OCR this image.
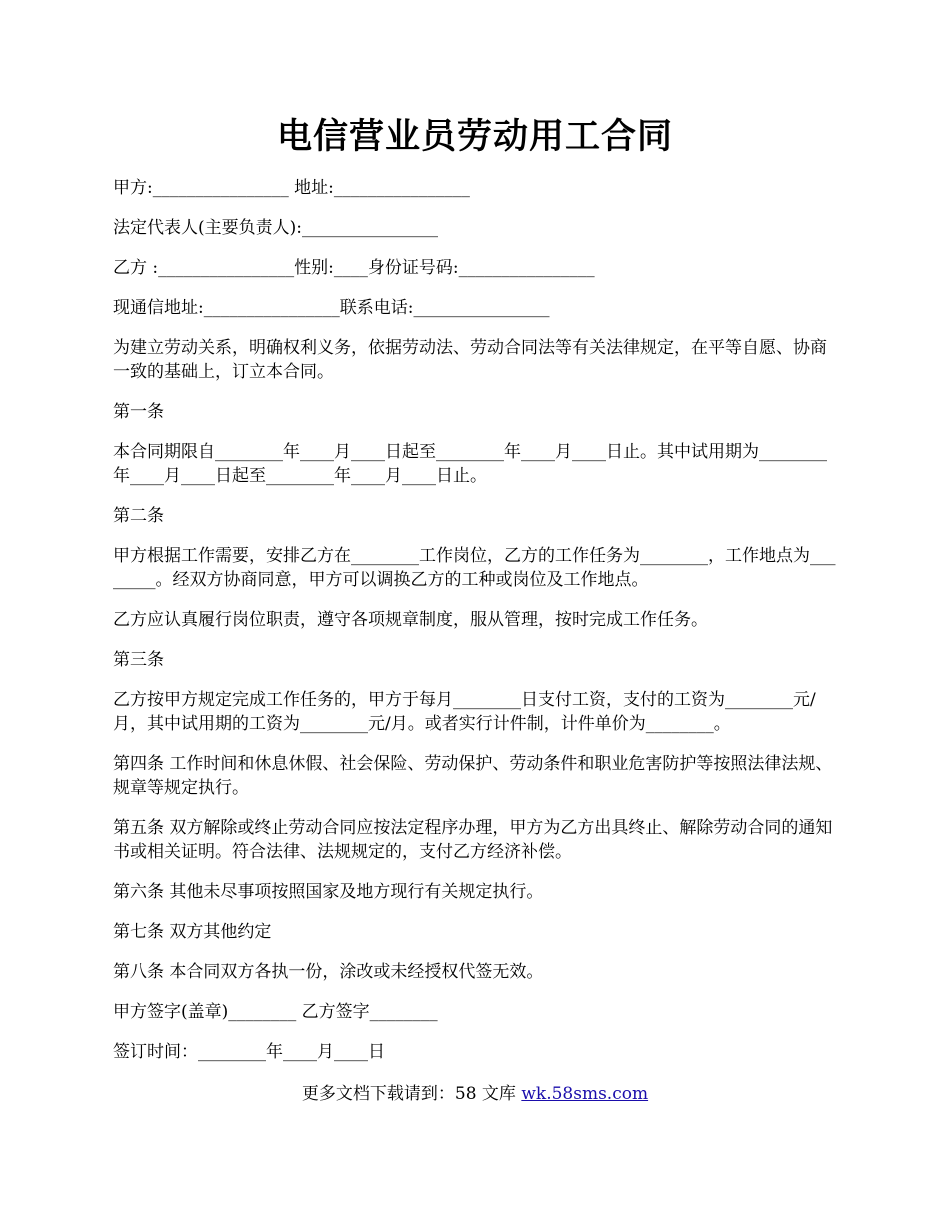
电信营业员劳动用工合同

甲方:________________ 地址:________________

法定代表人(主要负责人):________________

乙方 :________________性别:____身份证号码:________________

现通信地址:________________联系电话:________________

为建立劳动关系，明确权利义务，依据劳动法、劳动合同法等有关法律规定，在平等自愿、协商一致的基础上，订立本合同。

第一条

本合同期限自________年____月____日起至________年____月____日止。其中试用期为________年____月____日起至________年____月____日止。

第二条

甲方根据工作需要，安排乙方在________工作岗位，乙方的工作任务为________，工作地点为________。经双方协商同意，甲方可以调换乙方的工种或岗位及工作地点。

乙方应认真履行岗位职责，遵守各项规章制度，服从管理，按时完成工作任务。

第三条

乙方按甲方规定完成工作任务的，甲方于每月________日支付工资，支付的工资为________元/月，其中试用期的工资为________元/月。或者实行计件制，计件单价为________。

第四条 工作时间和休息休假、社会保险、劳动保护、劳动条件和职业危害防护等按照法律法规、规章等规定执行。

第五条 双方解除或终止劳动合同应按法定程序办理，甲方为乙方出具终止、解除劳动合同的通知书或相关证明。符合法律、法规规定的，支付乙方经济补偿。

第六条 其他未尽事项按照国家及地方现行有关规定执行。

第七条 双方其他约定

第八条 本合同双方各执一份，涂改或未经授权代签无效。

甲方签字(盖章)________ 乙方签字________

签订时间：________年____月____日

更多文档下载请到：58 文库 wk.58sms.com
